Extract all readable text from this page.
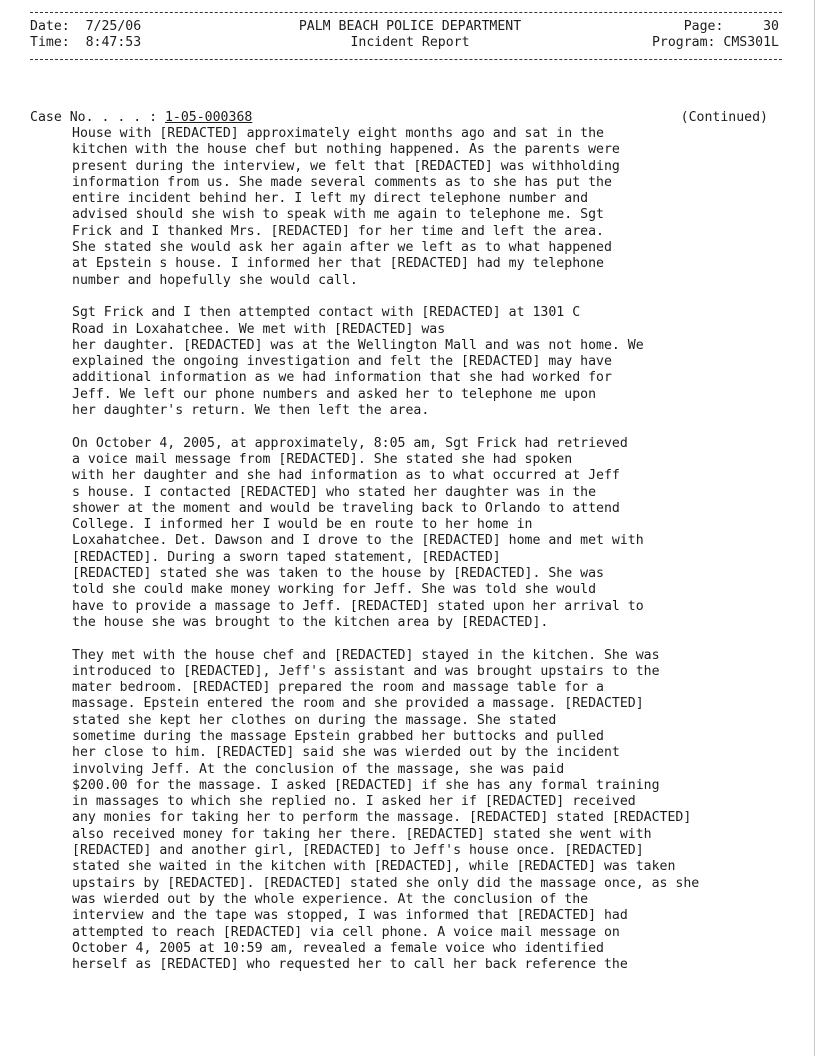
Date:  7/25/06
Time:  8:47:53
PALM BEACH POLICE DEPARTMENT
Incident Report
Page:     30
Program: CMS301L
Case No. . . . : 1-05-000368	(Continued)

House with [REDACTED] approximately eight months ago and sat in the
kitchen with the house chef but nothing happened. As the parents were
present during the interview, we felt that [REDACTED] was withholding
information from us. She made several comments as to she has put the
entire incident behind her. I left my direct telephone number and
advised should she wish to speak with me again to telephone me. Sgt
Frick and I thanked Mrs. [REDACTED] for her time and left the area.
She stated she would ask her again after we left as to what happened
at Epstein s house. I informed her that [REDACTED] had my telephone
number and hopefully she would call.

Sgt Frick and I then attempted contact with [REDACTED] at 1301 C
Road in Loxahatchee. We met with [REDACTED] was
her daughter. [REDACTED] was at the Wellington Mall and was not home. We
explained the ongoing investigation and felt the [REDACTED] may have
additional information as we had information that she had worked for
Jeff. We left our phone numbers and asked her to telephone me upon
her daughter's return. We then left the area.

On October 4, 2005, at approximately, 8:05 am, Sgt Frick had retrieved
a voice mail message from [REDACTED]. She stated she had spoken
with her daughter and she had information as to what occurred at Jeff
s house. I contacted [REDACTED] who stated her daughter was in the
shower at the moment and would be traveling back to Orlando to attend
College. I informed her I would be en route to her home in
Loxahatchee. Det. Dawson and I drove to the [REDACTED] home and met with
[REDACTED]. During a sworn taped statement, [REDACTED]
[REDACTED] stated she was taken to the house by [REDACTED]. She was
told she could make money working for Jeff. She was told she would
have to provide a massage to Jeff. [REDACTED] stated upon her arrival to
the house she was brought to the kitchen area by [REDACTED].

They met with the house chef and [REDACTED] stayed in the kitchen. She was
introduced to [REDACTED], Jeff's assistant and was brought upstairs to the
mater bedroom. [REDACTED] prepared the room and massage table for a
massage. Epstein entered the room and she provided a massage. [REDACTED]
stated she kept her clothes on during the massage. She stated
sometime during the massage Epstein grabbed her buttocks and pulled
her close to him. [REDACTED] said she was wierded out by the incident
involving Jeff. At the conclusion of the massage, she was paid
$200.00 for the massage. I asked [REDACTED] if she has any formal training
in massages to which she replied no. I asked her if [REDACTED] received
any monies for taking her to perform the massage. [REDACTED] stated [REDACTED]
also received money for taking her there. [REDACTED] stated she went with
[REDACTED] and another girl, [REDACTED] to Jeff's house once. [REDACTED]
stated she waited in the kitchen with [REDACTED], while [REDACTED] was taken
upstairs by [REDACTED]. [REDACTED] stated she only did the massage once, as she
was wierded out by the whole experience. At the conclusion of the
interview and the tape was stopped, I was informed that [REDACTED] had
attempted to reach [REDACTED] via cell phone. A voice mail message on
October 4, 2005 at 10:59 am, revealed a female voice who identified
herself as [REDACTED] who requested her to call her back reference the
